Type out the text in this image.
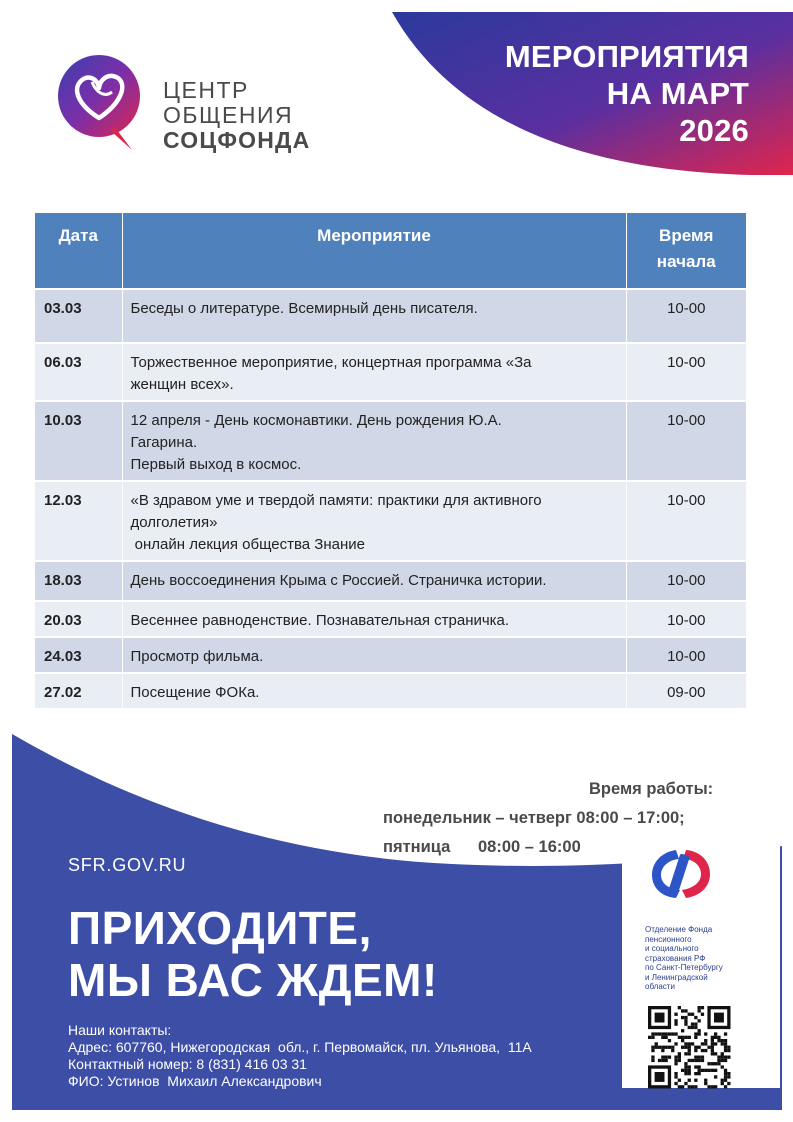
МЕРОПРИЯТИЯ
НА МАРТ
2026
ЦЕНТР
ОБЩЕНИЯ
СОЦФОНДА
Дата	Мероприятие	Время
начала

03.03	Беседы о литературе. Всемирный день писателя.	10-00
06.03	Торжественное мероприятие, концертная программа «За
женщин всех».	10-00
10.03	12 апреля - День космонавтики. День рождения Ю.А.
Гагарина.
Первый выход в космос.	10-00
12.03	«В здравом уме и твердой памяти: практики для активного
долголетия»
онлайн лекция общества Знание	10-00
18.03	День воссоединения Крыма с Россией. Страничка истории.	10-00
20.03	Весеннее равноденствие. Познавательная страничка.	10-00
24.03	Просмотр фильма.	10-00
27.02	Посещение ФОКа.	09-00
Время работы:
понедельник – четверг 08:00 – 17:00;
пятница 08:00 – 16:00
SFR.GOV.RU
ПРИХОДИТЕ,
МЫ ВАС ЖДЕМ!
Наши контакты:
Адрес: 607760, Нижегородская  обл., г. Первомайск, пл. Ульянова,  11А
Контактный номер: 8 (831) 416 03 31
ФИО: Устинов  Михаил Александрович
Отделение Фонда
пенсионного
и социального
страхования РФ
по Санкт-Петербургу
и Ленинградской
области
